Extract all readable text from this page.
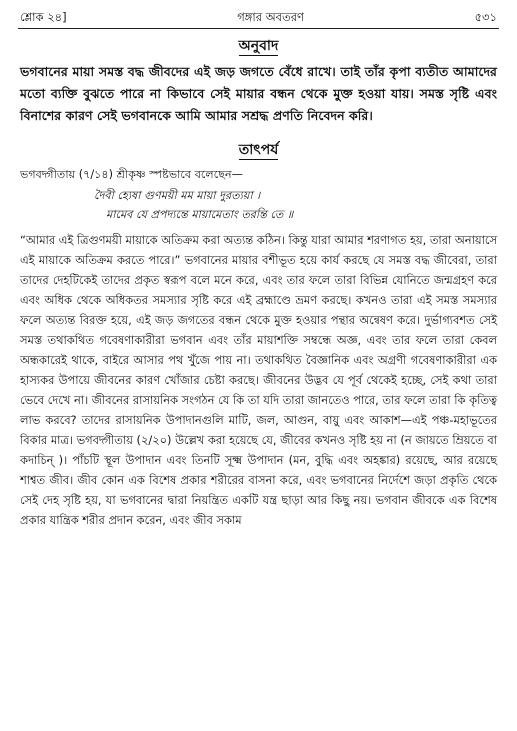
শ্লোক ২৪]	গঙ্গার অবতরণ	৫৩১
অনুবাদ

ভগবানের মায়া সমস্ত বদ্ধ জীবদের এই জড় জগতে বেঁধে রাখে। তাই তাঁর কৃপা ব্যতীত আমাদের মতো ব্যক্তি বুঝতে পারে না কিভাবে সেই মায়ার বন্ধন থেকে মুক্ত হওয়া যায়। সমস্ত সৃষ্টি এবং বিনাশের কারণ সেই ভগবানকে আমি আমার সশ্রদ্ধ প্রণতি নিবেদন করি।

তাৎপর্য

ভগবদ্গীতায় (৭/১৪) শ্রীকৃষ্ণ স্পষ্টভাবে বলেছেন—

দৈবী হ্যেষা গুণময়ী মম মায়া দুরত্যয়া ।
মামেব যে প্রপদ্যন্তে মায়ামেতাং তরন্তি তে ॥

“আমার এই ত্রিগুণময়ী মায়াকে অতিক্রম করা অত্যন্ত কঠিন। কিন্তু যারা আমার শরণাগত হয়, তারা অনায়াসে এই মায়াকে অতিক্রম করতে পারে।” ভগবানের মায়ার বশীভূত হয়ে কার্য করছে যে সমস্ত বদ্ধ জীবেরা, তারা তাদের দেহটিকেই তাদের প্রকৃত স্বরূপ বলে মনে করে, এবং তার ফলে তারা বিভিন্ন যোনিতে জন্মগ্রহণ করে এবং অধিক থেকে অধিকতর সমস্যার সৃষ্টি করে এই ব্রহ্মাণ্ডে ভ্রমণ করছে। কখনও তারা এই সমস্ত সমস্যার ফলে অত্যন্ত বিরক্ত হয়ে, এই জড় জগতের বন্ধন থেকে মুক্ত হওয়ার পন্থার অন্বেষণ করে। দুর্ভাগ্যবশত সেই সমস্ত তথাকথিত গবেষণাকারীরা ভগবান এবং তাঁর মায়াশক্তি সম্বন্ধে অজ্ঞ, এবং তার ফলে তারা কেবল অন্ধকারেই থাকে, বাইরে আসার পথ খুঁজে পায় না। তথাকথিত বৈজ্ঞানিক এবং অগ্রণী গবেষণাকারীরা এক হাস্যকর উপায়ে জীবনের কারণ খোঁজার চেষ্টা করছে। জীবনের উদ্ভব যে পূর্ব থেকেই হচ্ছে, সেই কথা তারা ভেবে দেখে না। জীবনের রাসায়নিক সংগঠন যে কি তা যদি তারা জানতেও পারে, তার ফলে তারা কি কৃতিত্ব লাভ করবে? তাদের রাসায়নিক উপাদানগুলি মাটি, জল, আগুন, বায়ু এবং আকাশ—এই পঞ্চ-মহাভূতের বিকার মাত্র। ভগবদ্গীতায় (২/২০) উল্লেখ করা হয়েছে যে, জীবের কখনও সৃষ্টি হয় না (ন জায়তে ম্রিয়তে বা কদাচিন্ )। পাঁচটি স্থূল উপাদান এবং তিনটি সূক্ষ্ম উপাদান (মন, বুদ্ধি এবং অহঙ্কার) রয়েছে, আর রয়েছে শাশ্বত জীব। জীব কোন এক বিশেষ প্রকার শরীরের বাসনা করে, এবং ভগবানের নির্দেশে জড়া প্রকৃতি থেকে সেই দেহ সৃষ্টি হয়, যা ভগবানের দ্বারা নিয়ন্ত্রিত একটি যন্ত্র ছাড়া আর কিছু নয়। ভগবান জীবকে এক বিশেষ প্রকার যান্ত্রিক শরীর প্রদান করেন, এবং জীব সকাম
